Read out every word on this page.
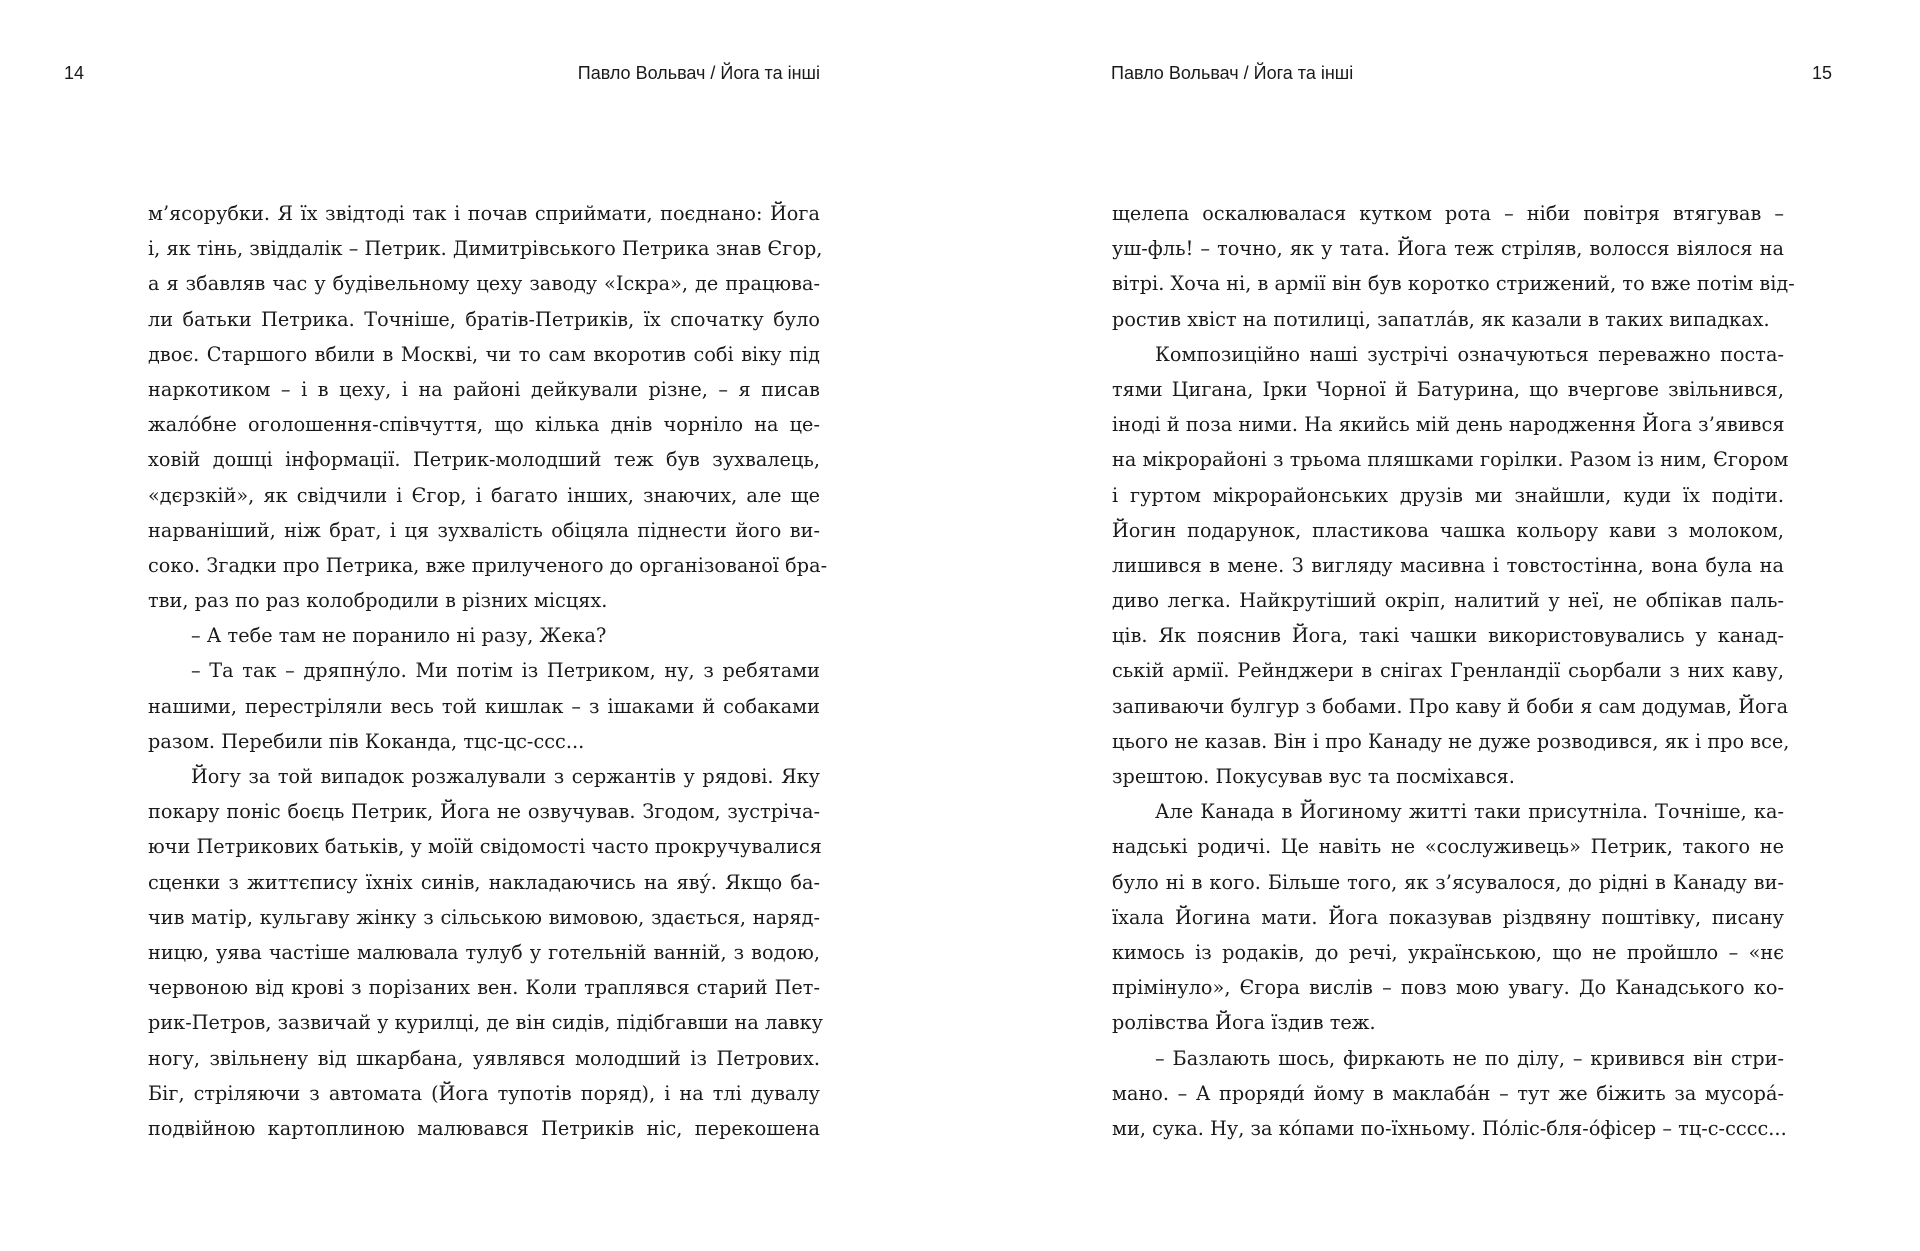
14	Павло Вольвач / Йога та інші
м’ясорубки. Я їх звідтоді так і почав сприймати, поєднано: Йога
і, як тінь, звіддалік – Петрик. Димитрівського Петрика знав Єгор,
а я збавляв час у будівельному цеху заводу «Іскра», де працюва-
ли батьки Петрика. Точніше, братів-Петриків, їх спочатку було
двоє. Старшого вбили в Москві, чи то сам вкоротив собі віку під
наркотиком – і в цеху, і на районі дейкували різне, – я писав
жало́бне оголошення-співчуття, що кілька днів чорніло на це-
ховій дошці інформації. Петрик-молодший теж був зухвалець,
«дєрзкій», як свідчили і Єгор, і багато інших, знаючих, але ще
нарваніший, ніж брат, і ця зухвалість обіцяла піднести його ви-
соко. Згадки про Петрика, вже прилученого до організованої бра-
тви, раз по раз колобродили в різних місцях.
– А тебе там не поранило ні разу, Жека?
– Та так – дряпну́ло. Ми потім із Петриком, ну, з ребятами
нашими, перестріляли весь той кишлак – з ішаками й собаками
разом. Перебили пів Коканда, тцс-цс-ссс...
Йогу за той випадок розжалували з сержантів у рядові. Яку
покару поніс боєць Петрик, Йога не озвучував. Згодом, зустріча-
ючи Петрикових батьків, у моїй свідомості часто прокручувалися
сценки з життєпису їхніх синів, накладаючись на яву́. Якщо ба-
чив матір, кульгаву жінку з сільською вимовою, здається, наряд-
ницю, уява частіше малювала тулуб у готельній ванній, з водою,
червоною від крові з порізаних вен. Коли траплявся старий Пет-
рик-Петров, зазвичай у курилці, де він сидів, підібгавши на лавку
ногу, звільнену від шкарбана, уявлявся молодший із Петрових.
Біг, стріляючи з автомата (Йога тупотів поряд), і на тлі дувалу
подвійною картоплиною малювався Петриків ніс, перекошена
Павло Вольвач / Йога та інші	15
щелепа оскалювалася кутком рота – ніби повітря втягував –
уш-фль! – точно, як у тата. Йога теж стріляв, волосся віялося на
вітрі. Хоча ні, в армії він був коротко стрижений, то вже потім від-
ростив хвіст на потилиці, запатла́в, як казали в таких випадках.
Композиційно наші зустрічі означуються переважно поста-
тями Цигана, Ірки Чорної й Батурина, що вчергове звільнився,
іноді й поза ними. На якийсь мій день народження Йога з’явився
на мікрорайоні з трьома пляшками горілки. Разом із ним, Єгором
і гуртом мікрорайонських друзів ми знайшли, куди їх подіти.
Йогин подарунок, пластикова чашка кольору кави з молоком,
лишився в мене. З вигляду масивна і товстостінна, вона була на
диво легка. Найкрутіший окріп, налитий у неї, не обпікав паль-
ців. Як пояснив Йога, такі чашки використовувались у канад-
ській армії. Рейнджери в снігах Гренландії сьорбали з них каву,
запиваючи булгур з бобами. Про каву й боби я сам додумав, Йога
цього не казав. Він і про Канаду не дуже розводився, як і про все,
зрештою. Покусував вус та посміхався.
Але Канада в Йогиному житті таки присутніла. Точніше, ка-
надські родичі. Це навіть не «сослуживець» Петрик, такого не
було ні в кого. Більше того, як з’ясувалося, до рідні в Канаду ви-
їхала Йогина мати. Йога показував різдвяну поштівку, писану
кимось із родаків, до речі, українською, що не пройшло – «нє
прімінуло», Єгора вислів – повз мою увагу. До Канадського ко-
ролівства Йога їздив теж.
– Базлають шось, фиркають не по ділу, – кривився він стри-
мано. – А проряди́ йому в маклаба́н – тут же біжить за мусора́-
ми, сука. Ну, за ко́пами по-їхньому. По́ліс-бля-о́фісер – тц-с-сссс...
